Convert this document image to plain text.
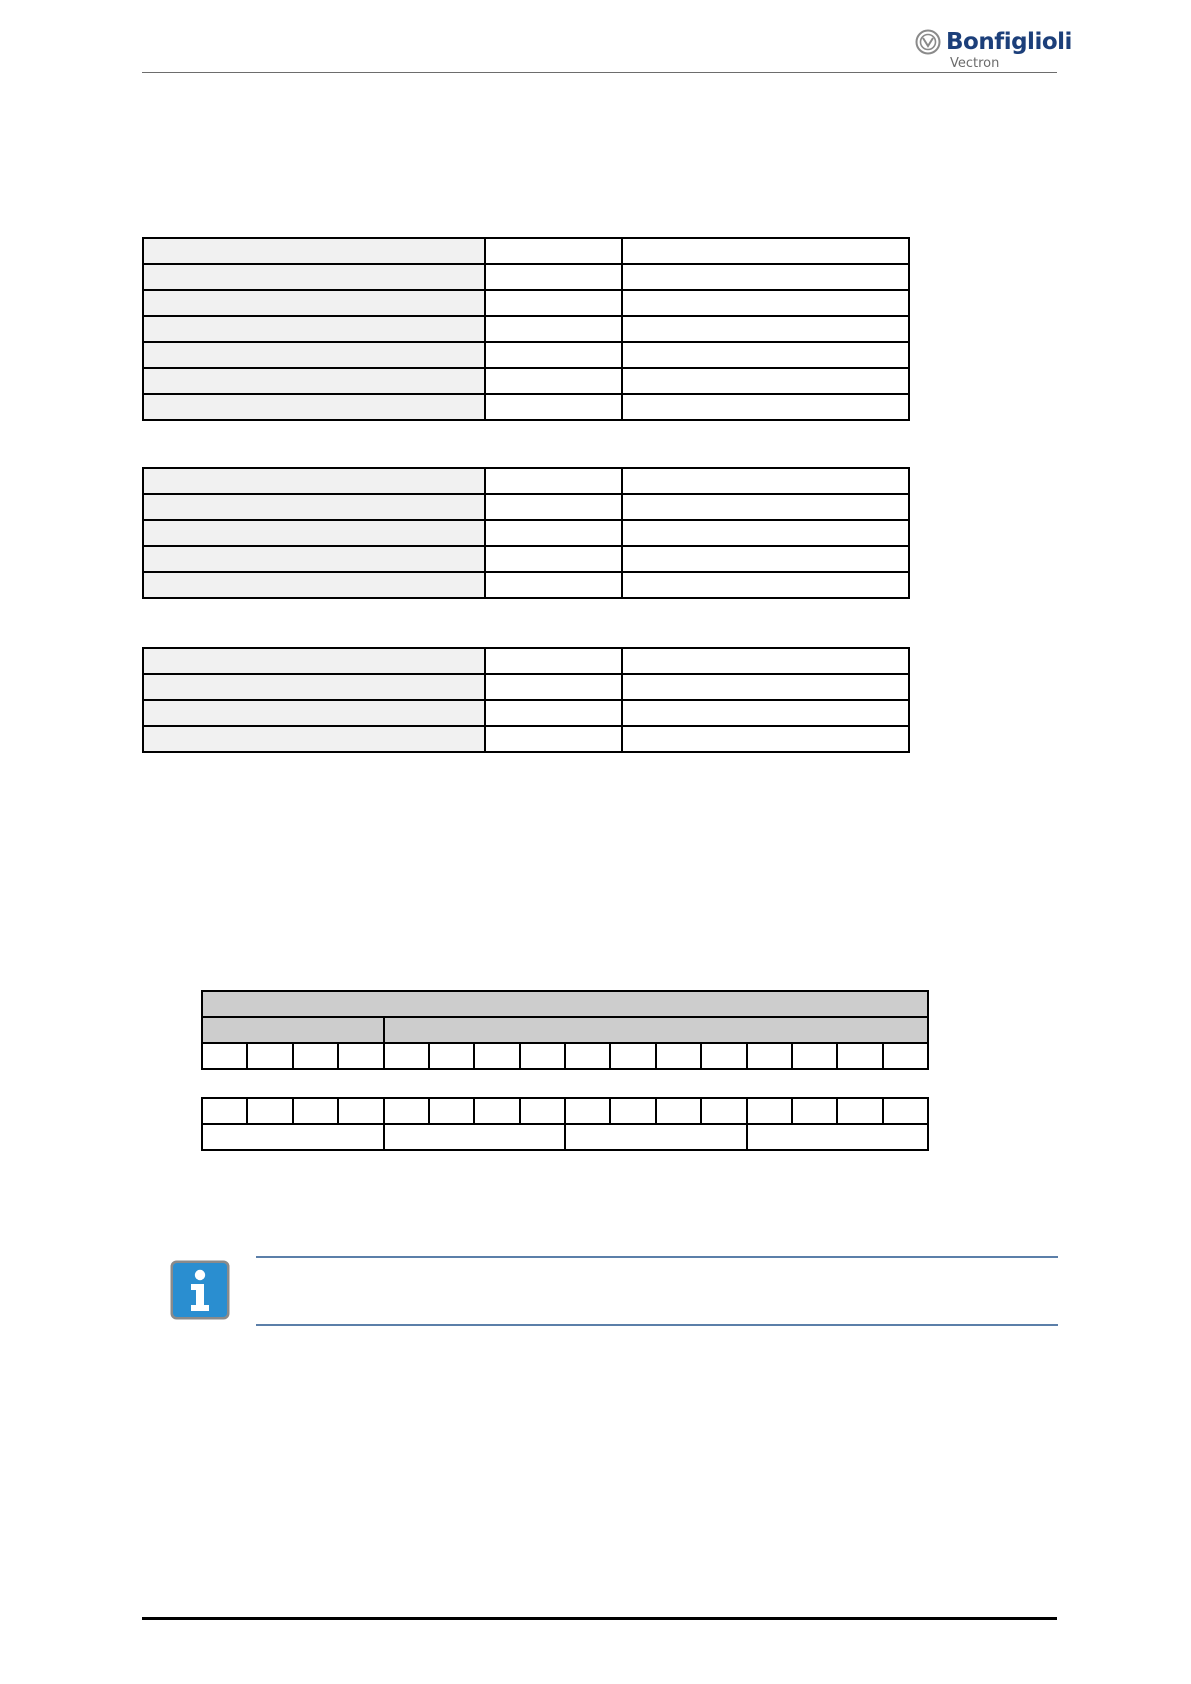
Bonfiglioli
Vectron
